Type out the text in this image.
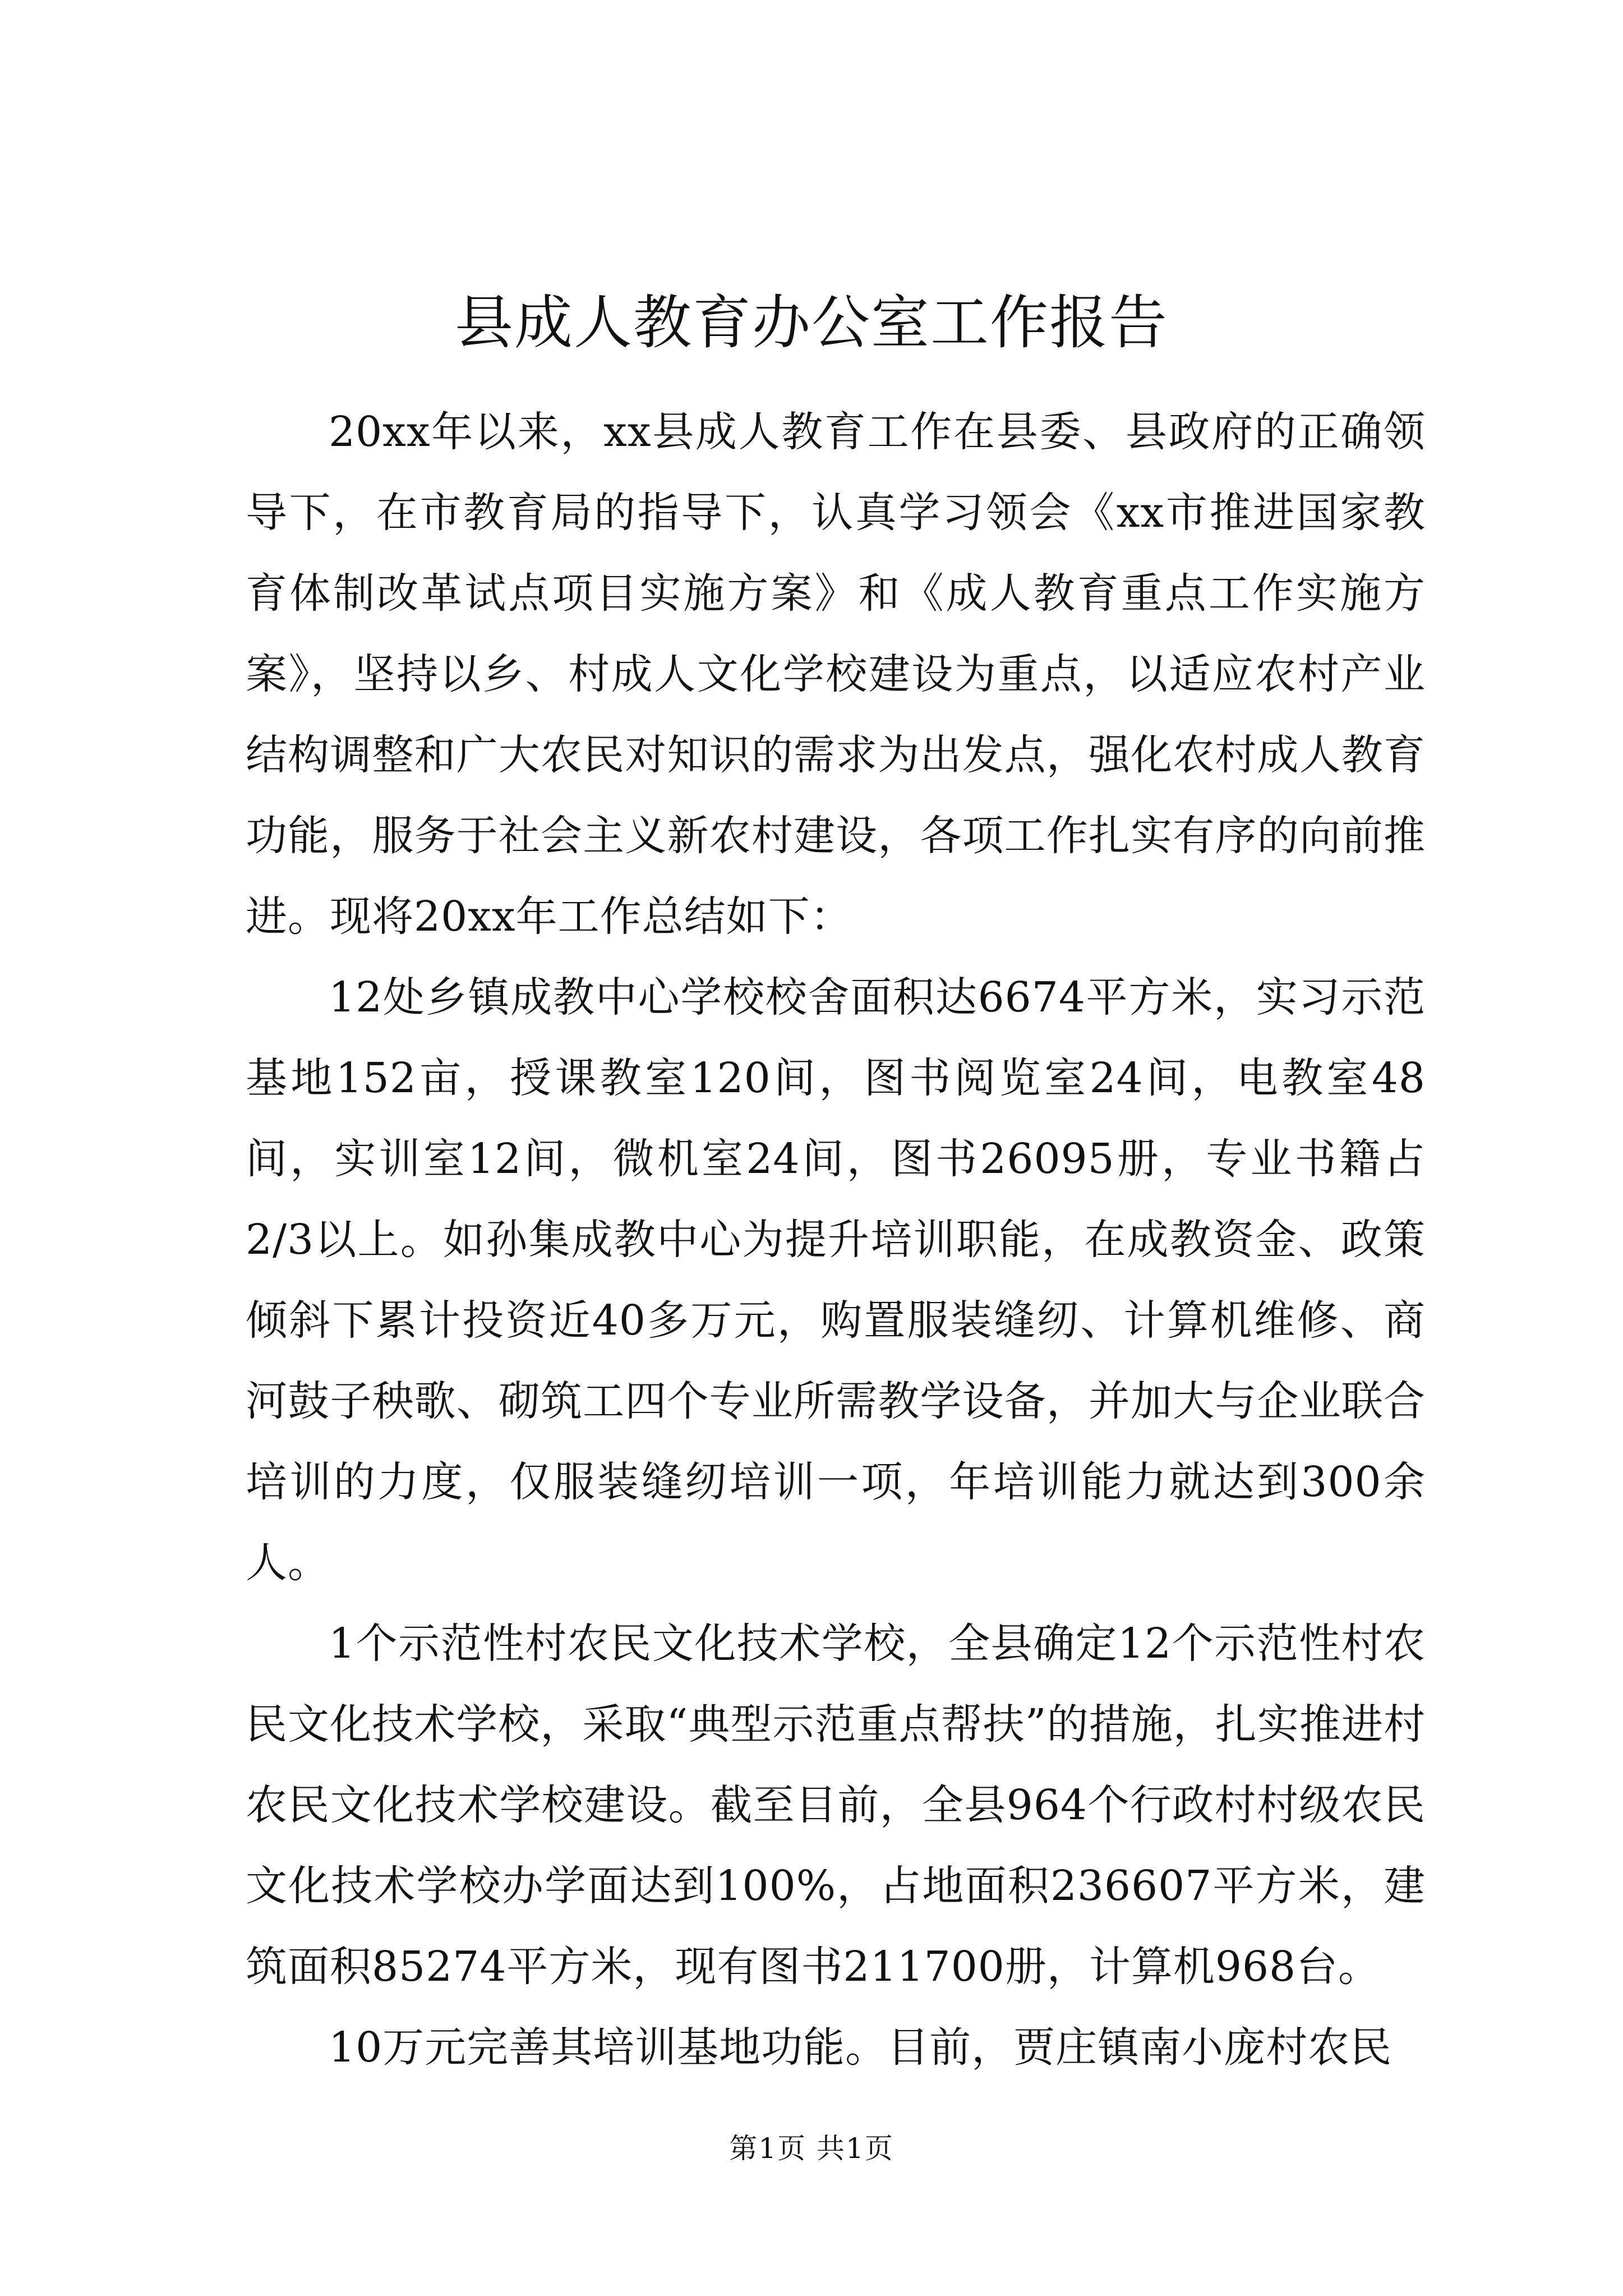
县成人教育办公室工作报告

20xx年以来，xx县成人教育工作在县委、县政府的正确领导下，在市教育局的指导下，认真学习领会《xx市推进国家教育体制改革试点项目实施方案》和《成人教育重点工作实施方案》，坚持以乡、村成人文化学校建设为重点，以适应农村产业结构调整和广大农民对知识的需求为出发点，强化农村成人教育功能，服务于社会主义新农村建设，各项工作扎实有序的向前推进。现将20xx年工作总结如下：

12处乡镇成教中心学校校舍面积达6674平方米，实习示范基地152亩，授课教室120间，图书阅览室24间，电教室48间，实训室12间，微机室24间，图书26095册，专业书籍占2/3以上。如孙集成教中心为提升培训职能，在成教资金、政策倾斜下累计投资近40多万元，购置服装缝纫、计算机维修、商河鼓子秧歌、砌筑工四个专业所需教学设备，并加大与企业联合培训的力度，仅服装缝纫培训一项，年培训能力就达到300余人。

1个示范性村农民文化技术学校，全县确定12个示范性村农民文化技术学校，采取“典型示范重点帮扶”的措施，扎实推进村农民文化技术学校建设。截至目前，全县964个行政村村级农民文化技术学校办学面达到100%，占地面积236607平方米，建筑面积85274平方米，现有图书211700册，计算机968台。

10万元完善其培训基地功能。目前，贾庄镇南小庞村农民

第1页 共1页
